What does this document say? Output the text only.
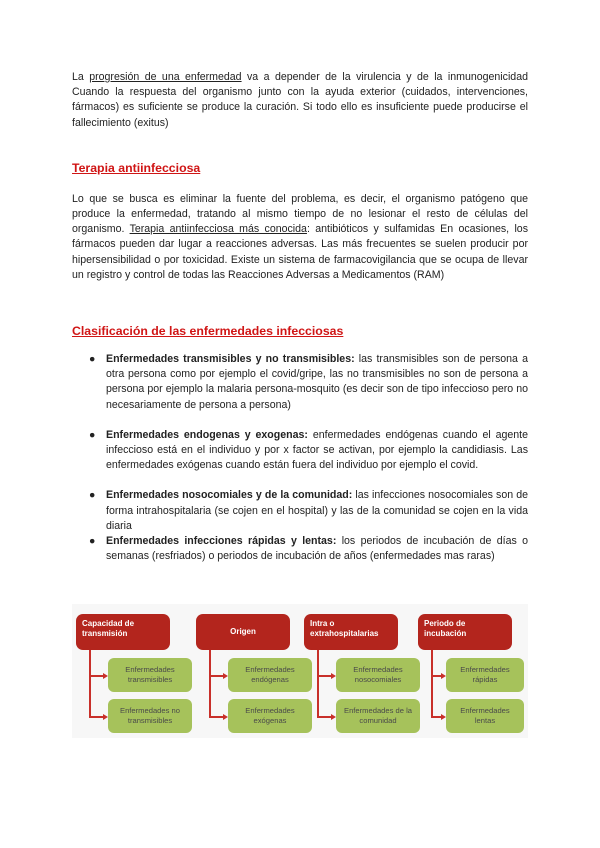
La progresión de una enfermedad va a depender de la virulencia y de la inmunogenicidad Cuando la respuesta del organismo junto con la ayuda exterior (cuidados, intervenciones, fármacos) es suficiente se produce la curación. Si todo ello es insuficiente puede producirse el fallecimiento (exitus)

Terapia antiinfecciosa

Lo que se busca es eliminar la fuente del problema, es decir, el organismo patógeno que produce la enfermedad, tratando al mismo tiempo de no lesionar el resto de células del organismo. Terapia antiinfecciosa más conocida: antibióticos y sulfamidas En ocasiones, los fármacos pueden dar lugar a reacciones adversas. Las más frecuentes se suelen producir por hipersensibilidad o por toxicidad. Existe un sistema de farmacovigilancia que se ocupa de llevar un registro y control de todas las Reacciones Adversas a Medicamentos (RAM)

Clasificación de las enfermedades infecciosas
● Enfermedades transmisibles y no transmisibles: las transmisibles son de persona a otra persona como por ejemplo el covid/gripe, las no transmisibles no son de persona a persona por ejemplo la malaria persona-mosquito (es decir son de tipo infeccioso pero no necesariamente de persona a persona)
● Enfermedades endogenas y exogenas: enfermedades endógenas cuando el agente infeccioso está en el individuo y por x factor se activan, por ejemplo la candidiasis. Las enfermedades exógenas cuando están fuera del individuo por ejemplo el covid.
● Enfermedades nosocomiales y de la comunidad: las infecciones nosocomiales son de forma intrahospitalaria (se cojen en el hospital) y las de la comunidad se cojen en la vida diaria
● Enfermedades infecciones rápidas y lentas: los periodos de incubación de días o semanas (resfriados) o periodos de incubación de años (enfermedades mas raras)
Capacidad de transmisión
Enfermedades transmisibles
Enfermedades no transmisibles
Origen
Enfermedades endógenas
Enfermedades exógenas
Intra o extrahospitalarias
Enfermedades nosocomiales
Enfermedades de la comunidad
Periodo de incubación
Enfermedades rápidas
Enfermedades lentas
